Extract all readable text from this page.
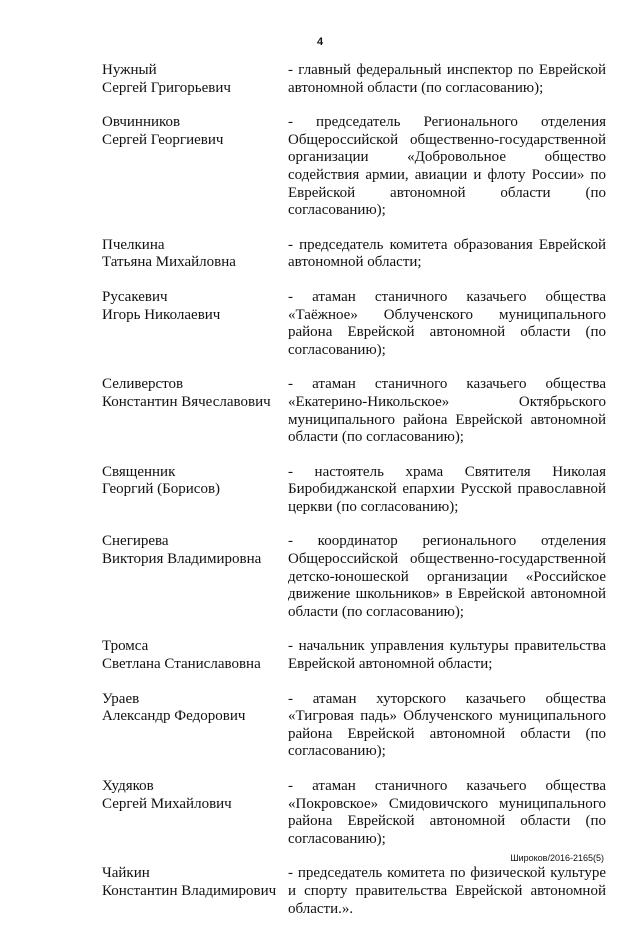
4
Нужный
Сергей Григорьевич
- главный федеральный инспектор по Еврейской автономной области (по согласованию);
Овчинников
Сергей Георгиевич
- председатель Регионального отделения Общероссийской общественно-государственной организации «Добровольное общество содействия армии, авиации и флоту России» по Еврейской автономной области (по согласованию);
Пчелкина
Татьяна Михайловна
- председатель комитета образования Еврейской автономной области;
Русакевич
Игорь Николаевич
- атаман станичного казачьего общества «Таёжное» Облученского муниципального района Еврейской автономной области (по согласованию);
Селиверстов
Константин Вячеславович
- атаман станичного казачьего общества «Екатерино-Никольское» Октябрьского муниципального района Еврейской автономной области (по согласованию);
Священник
Георгий (Борисов)
- настоятель храма Святителя Николая Биробиджанской епархии Русской православной церкви (по согласованию);
Снегирева
Виктория Владимировна
- координатор регионального отделения Общероссийской общественно-государственной детско-юношеской организации «Российское движение школьников» в Еврейской автономной области (по согласованию);
Тромса
Светлана Станиславовна
- начальник управления культуры правительства Еврейской автономной области;
Ураев
Александр Федорович
- атаман хуторского казачьего общества «Тигровая падь» Облученского муниципального района Еврейской автономной области (по согласованию);
Худяков
Сергей Михайлович
- атаман станичного казачьего общества «Покровское» Смидовичского муниципального района Еврейской автономной области (по согласованию);
Чайкин
Константин Владимирович
- председатель комитета по физической культуре и спорту правительства Еврейской автономной области.».
Широков/2016-2165(5)
